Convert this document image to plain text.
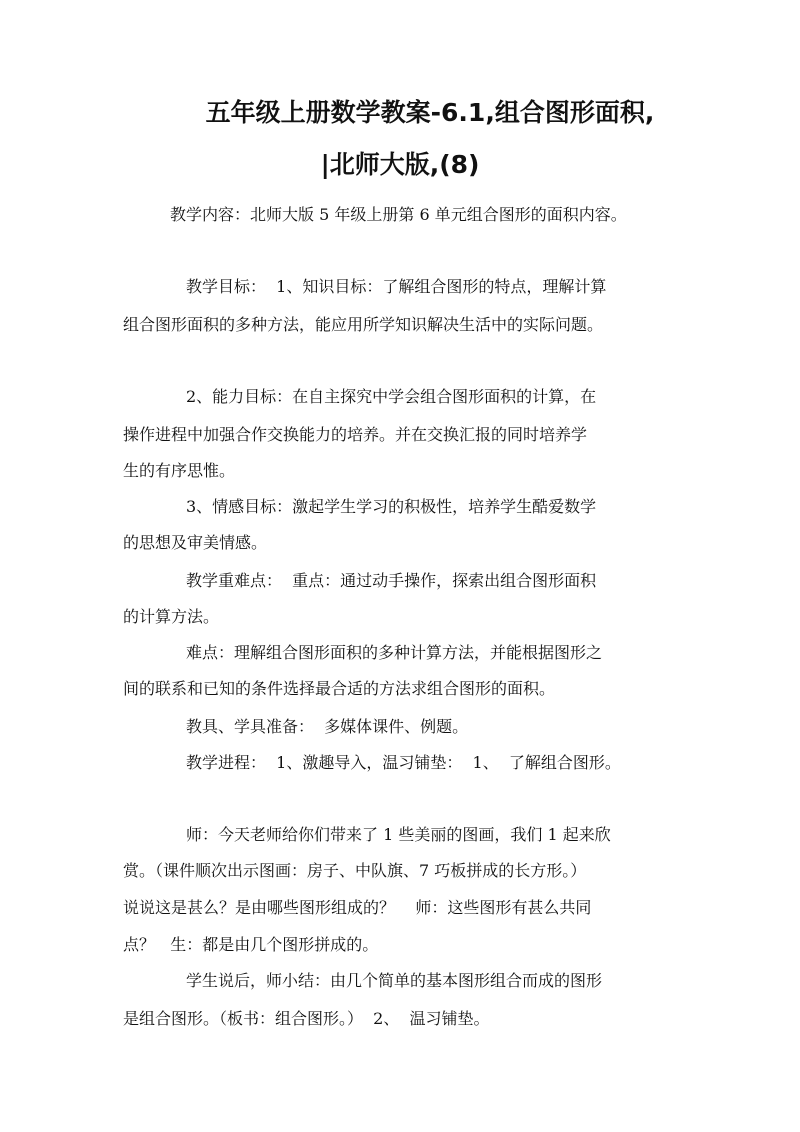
五年级上册数学教案-6.1,组合图形面积,
|北师大版,(8)
教学内容：北师大版 5 年级上册第 6 单元组合图形的面积内容。
教学目标：  1、知识目标：了解组合图形的特点，理解计算
组合图形面积的多种方法，能应用所学知识解决生活中的实际问题。
2、能力目标：在自主探究中学会组合图形面积的计算，在
操作进程中加强合作交换能力的培养。并在交换汇报的同时培养学
生的有序思惟。
3、情感目标：激起学生学习的积极性，培养学生酷爱数学
的思想及审美情感。
教学重难点：  重点：通过动手操作，探索出组合图形面积
的计算方法。
难点：理解组合图形面积的多种计算方法，并能根据图形之
间的联系和已知的条件选择最合适的方法求组合图形的面积。
教具、学具准备：  多媒体课件、例题。
教学进程：  1、激趣导入，温习铺垫：  1、  了解组合图形。
师：今天老师给你们带来了 1 些美丽的图画，我们 1 起来欣
赏。（课件顺次出示图画：房子、中队旗、7 巧板拼成的长方形。）
说说这是甚么？是由哪些图形组成的？    师：这些图形有甚么共同
点？   生：都是由几个图形拼成的。
学生说后，师小结：由几个简单的基本图形组合而成的图形
是组合图形。（板书：组合图形。）  2、  温习铺垫。
